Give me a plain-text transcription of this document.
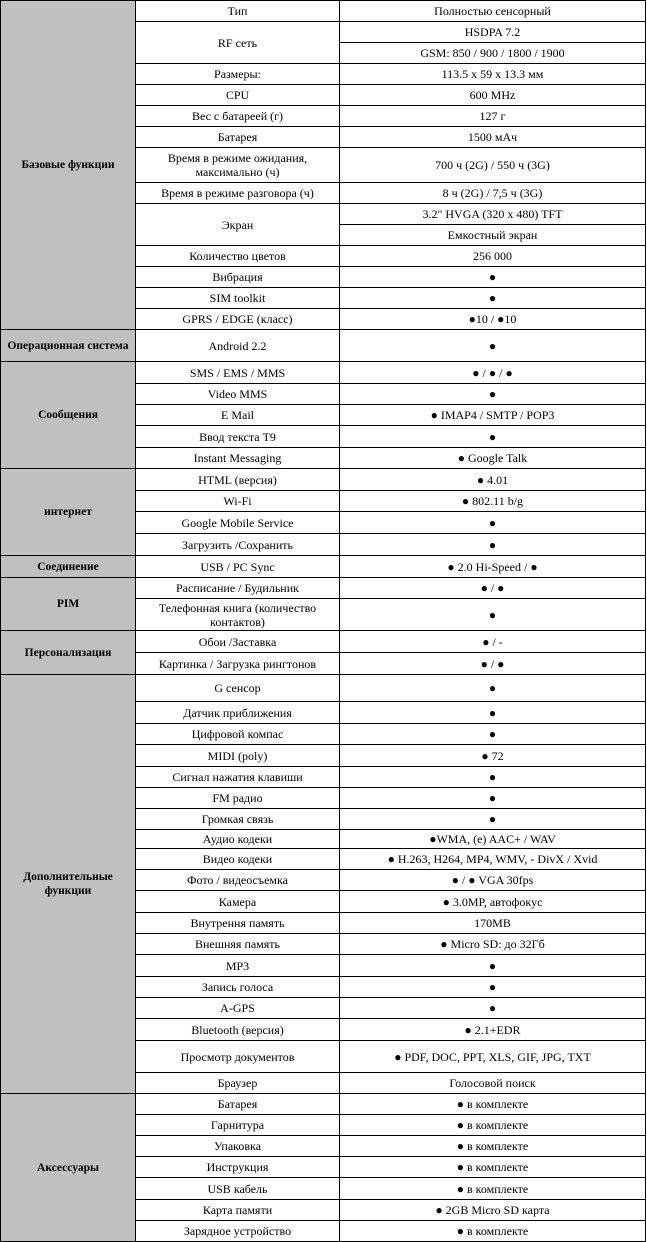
Базовые функции	Тип	Полностью сенсорный
	RF сеть	HSDPA 7.2
		GSM: 850 / 900 / 1800 / 1900
	Размеры:	113.5 x 59 x 13.3 мм
	CPU	600 MHz
	Вес с батареей (г)	127 г
	Батарея	1500 мАч
	Время в режиме ожидания, максимально (ч)	700 ч (2G) / 550 ч (3G)
	Время в режиме разговора (ч)	8 ч (2G) / 7,5 ч (3G)
	Экран	3.2" HVGA (320 x 480) TFT
		Емкостный экран
	Количество цветов	256 000
	Вибрация	●
	SIM toolkit	●
	GPRS / EDGE (класс)	●10 / ●10
Операционная система	Android 2.2	●
Сообщения	SMS / EMS / MMS	● / ● / ●
	Video MMS	●
	E Mail	● IMAP4 / SMTP / POP3
	Ввод текста T9	●
	Instant Messaging	● Google Talk
интернет	HTML (версия)	● 4.01
	Wi-Fi	● 802.11 b/g
	Google Mobile Service	●
	Загрузить /Сохранить	●
Соединение	USB / PC Sync	● 2.0 Hi-Speed / ●
PIM	Расписание / Будильник	● / ●
	Телефонная книга (количество контактов)	●
Персонализация	Обои /Заставка	● / -
	Картинка / Загрузка рингтонов	● / ●
Дополнительные функции	G сенсор	●
	Датчик приближения	●
	Цифровой компас	●
	MIDI (poly)	● 72
	Сигнал нажатия клавиши	●
	FM радио	●
	Громкая связь	●
	Аудио кодеки	●WMA, (e) AAC+ / WAV
	Видео кодеки	● H.263, H264, MP4, WMV, - DivX / Xvid
	Фото / видеосъемка	● / ● VGA 30fps
	Камера	● 3.0MP, автофокус
	Внутрення память	170MB
	Внешняя память	● Micro SD: до 32Гб
	MP3	●
	Запись голоса	●
	A-GPS	●
	Bluetooth (версия)	● 2.1+EDR
	Просмотр документов	● PDF, DOC, PPT, XLS, GIF, JPG, TXT
	Браузер	Голосовой поиск
Аксессуары	Батарея	● в комплекте
	Гарнитура	● в комплекте
	Упаковка	● в комплекте
	Инструкция	● в комплекте
	USB кабель	● в комплекте
	Карта памяти	● 2GB Micro SD карта
	Зарядное устройство	● в комплекте
